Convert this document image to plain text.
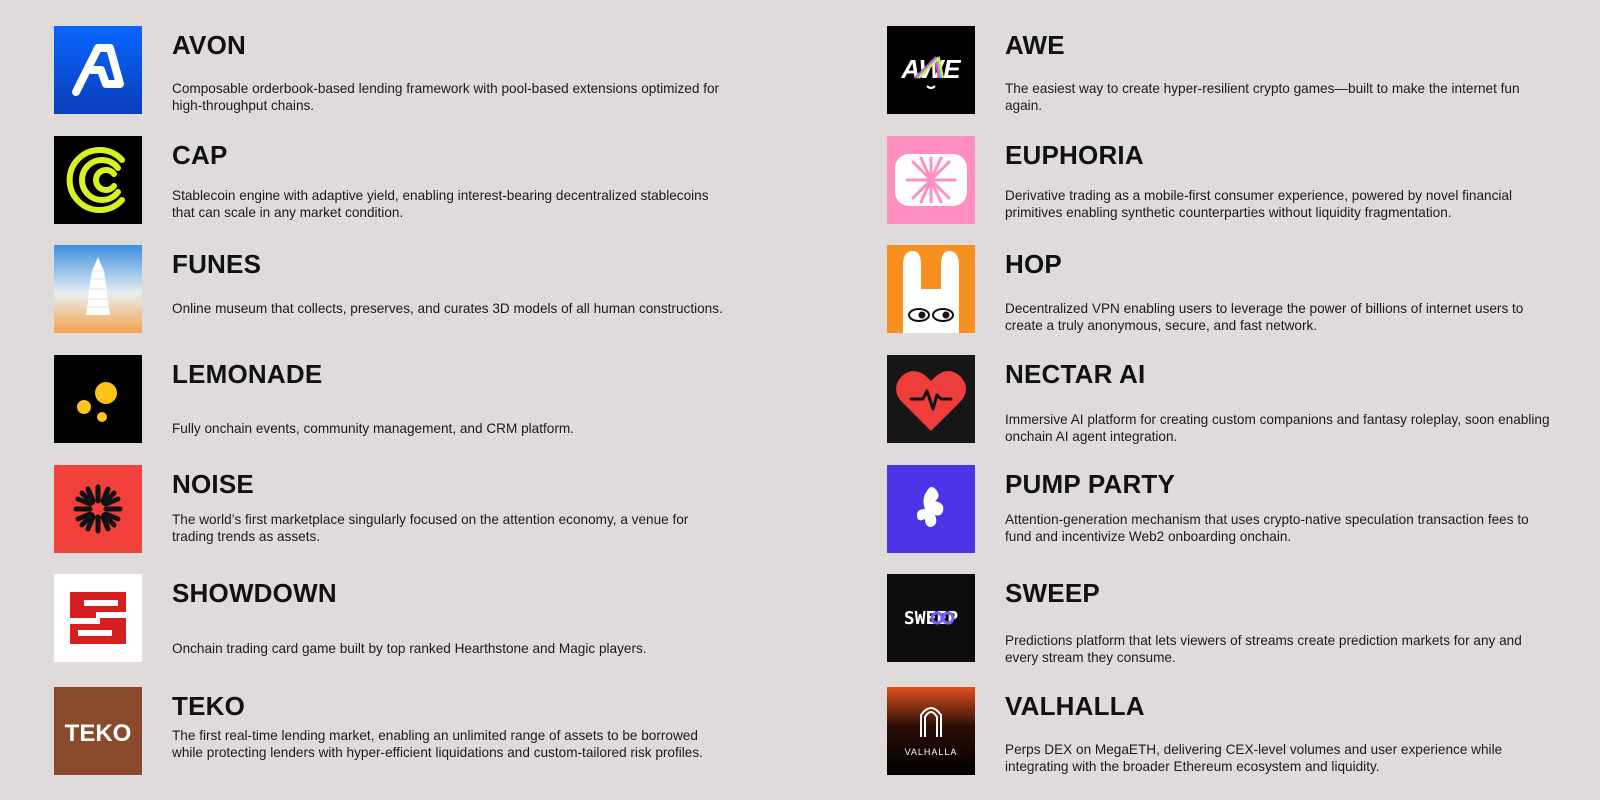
AVON
Composable orderbook-based lending framework with pool-based extensions optimized for high-throughput chains.
AWE
AWE
The easiest way to create hyper-resilient crypto games—built to make the internet fun again.
CAP
Stablecoin engine with adaptive yield, enabling interest-bearing decentralized stablecoins that can scale in any market condition.
EUPHORIA
Derivative trading as a mobile-first consumer experience, powered by novel financial primitives enabling synthetic counterparties without liquidity fragmentation.
FUNES
Online museum that collects, preserves, and curates 3D models of all human constructions.
HOP
Decentralized VPN enabling users to leverage the power of billions of internet users to create a truly anonymous, secure, and fast network.
LEMONADE
Fully onchain events, community management, and CRM platform.
NECTAR AI
Immersive AI platform for creating custom companions and fantasy roleplay, soon enabling onchain AI agent integration.
NOISE
The world’s first marketplace singularly focused on the attention economy, a venue for trading trends as assets.
PUMP PARTY
Attention-generation mechanism that uses crypto-native speculation transaction fees to fund and incentivize Web2 onboarding onchain.
SHOWDOWN
Onchain trading card game built by top ranked Hearthstone and Magic players.
SWEEP
SWEEP
Predictions platform that lets viewers of streams create prediction markets for any and every stream they consume.
TEKO
TEKO
The first real-time lending market, enabling an unlimited range of assets to be borrowed while protecting lenders with hyper-efficient liquidations and custom-tailored risk profiles.	VALHALLA
VALHALLA
Perps DEX on MegaETH, delivering CEX-level volumes and user experience while integrating with the broader Ethereum ecosystem and liquidity.
